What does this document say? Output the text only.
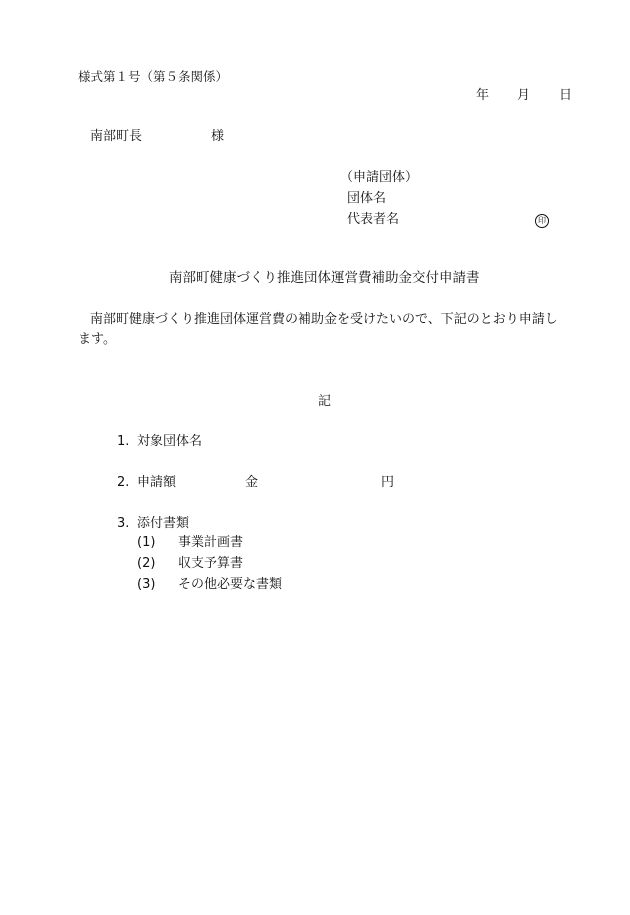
様式第１号（第５条関係）
年 月 日
南部町長	様
（申請団体）
団体名
代表者名	印
南部町健康づくり推進団体運営費補助金交付申請書
南部町健康づくり推進団体運営費の補助金を受けたいので、下記のとおり申請し
ます。
記
1. 対象団体名
2. 申請額	金	円
3. 添付書類
(1) 事業計画書
(2) 収支予算書
(3) その他必要な書類
